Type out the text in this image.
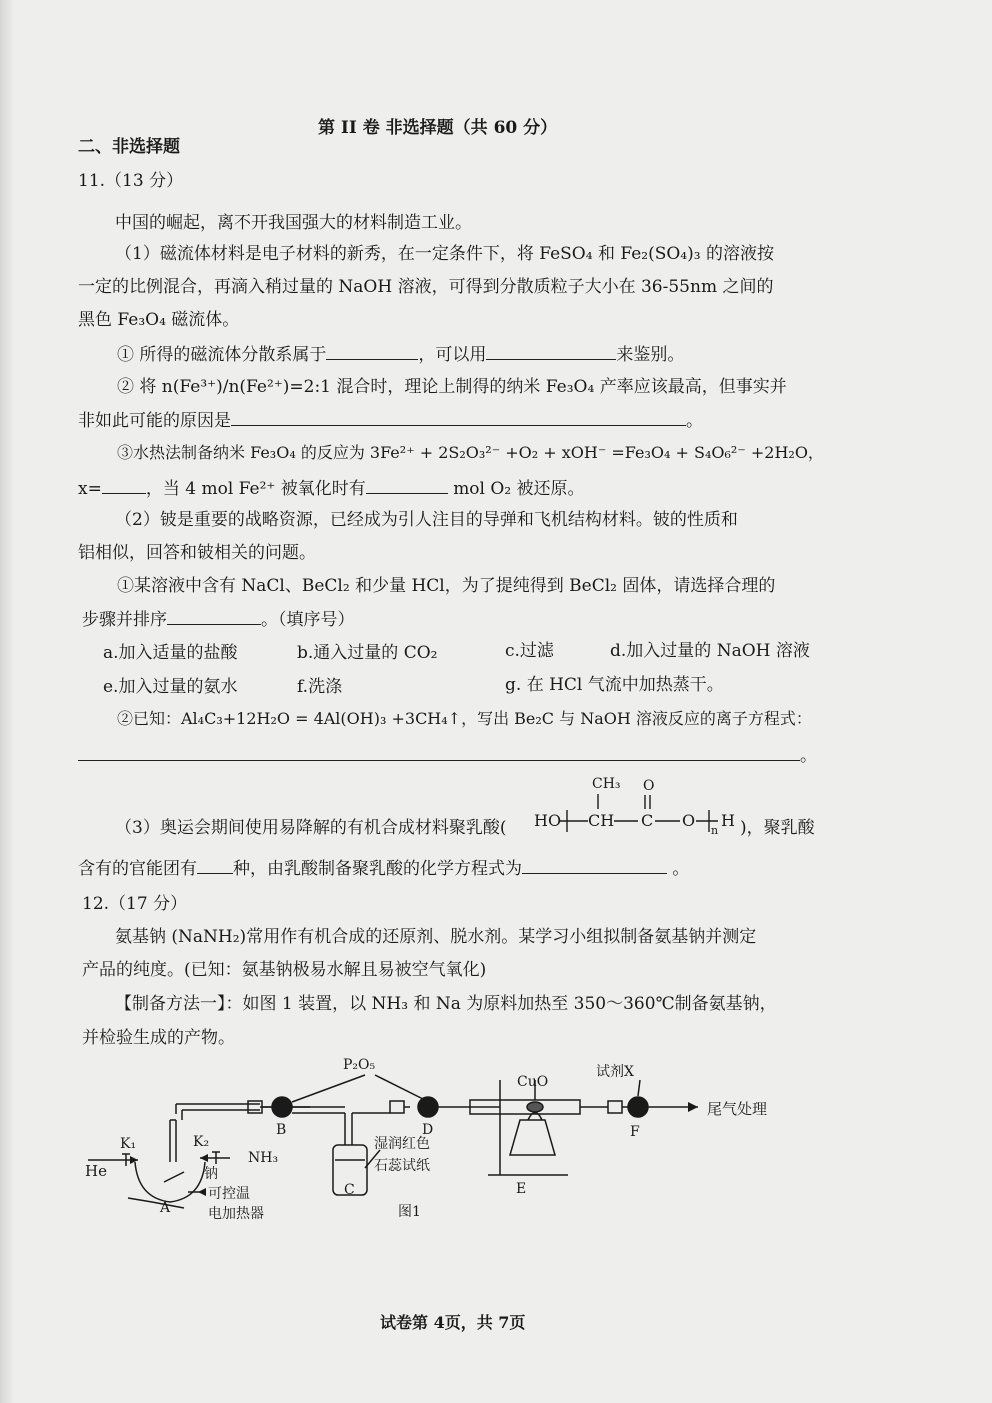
第 II 卷 非选择题（共 60 分）
二、非选择题
11.（13 分）
中国的崛起，离不开我国强大的材料制造工业。
（1）磁流体材料是电子材料的新秀，在一定条件下，将 FeSO₄ 和 Fe₂(SO₄)₃ 的溶液按
一定的比例混合，再滴入稍过量的 NaOH 溶液，可得到分散质粒子大小在 36-55nm 之间的
黑色 Fe₃O₄ 磁流体。
① 所得的磁流体分散系属于	，可以用	来鉴别。
② 将 n(Fe³⁺)/n(Fe²⁺)=2:1 混合时，理论上制得的纳米 Fe₃O₄ 产率应该最高，但事实并
非如此可能的原因是	。
③水热法制备纳米 Fe₃O₄ 的反应为 3Fe²⁺ + 2S₂O₃²⁻ +O₂ + xOH⁻ =Fe₃O₄ + S₄O₆²⁻ +2H₂O，
x=	，当 4 mol Fe²⁺ 被氧化时有	mol O₂ 被还原。
（2）铍是重要的战略资源，已经成为引人注目的导弹和飞机结构材料。铍的性质和
铝相似，回答和铍相关的问题。
①某溶液中含有 NaCl、BeCl₂ 和少量 HCl，为了提纯得到 BeCl₂ 固体，请选择合理的
步骤并排序	。（填序号）
a.加入适量的盐酸	b.通入过量的 CO₂	c.过滤	d.加入过量的 NaOH 溶液
e.加入过量的氨水	f.洗涤	g. 在 HCl 气流中加热蒸干。
②已知：Al₄C₃+12H₂O = 4Al(OH)₃ +3CH₄↑，写出 Be₂C 与 NaOH 溶液反应的离子方程式：
。
（3）奥运会期间使用易降解的有机合成材料聚乳酸(
CH₃ O
HO CH C O
n
H )，聚乳酸
含有的官能团有 种，由乳酸制备聚乳酸的化学方程式为	。
12.（17 分）
氨基钠 (NaNH₂)常用作有机合成的还原剂、脱水剂。某学习小组拟制备氨基钠并测定
产品的纯度。(已知：氨基钠极易水解且易被空气氧化)
【制备方法一】：如图 1 装置，以 NH₃ 和 Na 为原料加热至 350～360℃制备氨基钠，
并检验生成的产物。
P₂O₅	试剂X
CuO
尾气处理
K₁	K₂
He
NH₃
钠
可控温
电加热器
湿润红色
石蕊试纸
A
B
C
D
E
F
图1
试卷第 4页，共 7页
